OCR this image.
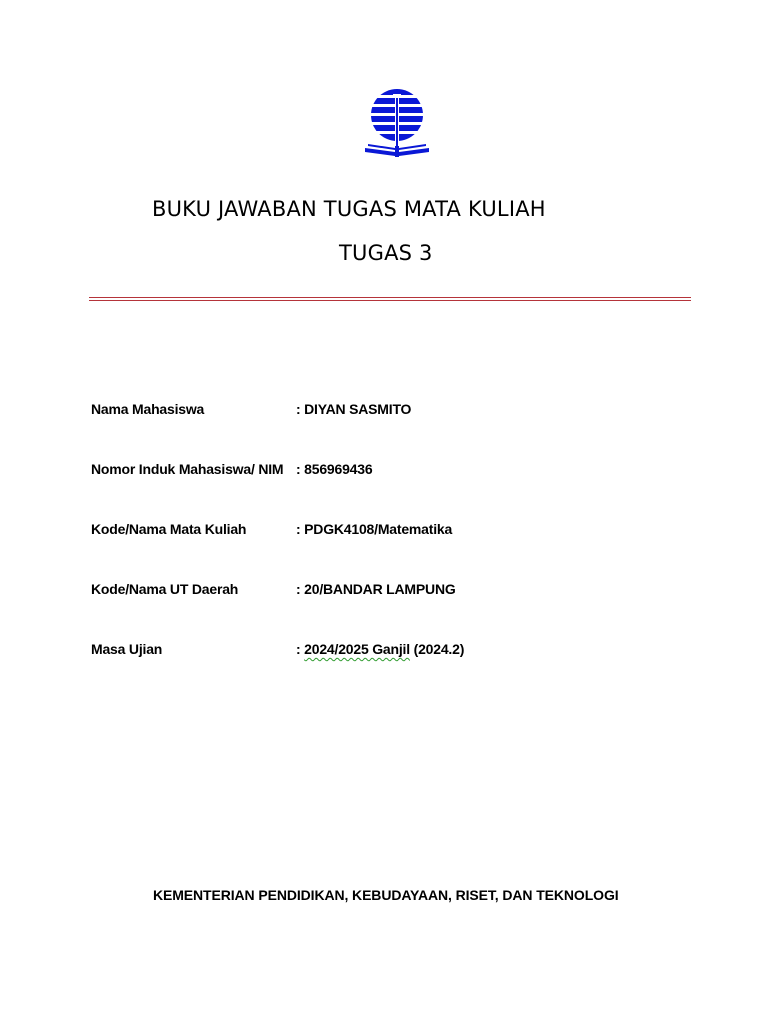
BUKU JAWABAN TUGAS MATA KULIAH
TUGAS 3
Nama Mahasiswa	: DIYAN SASMITO
Nomor Induk Mahasiswa/ NIM : 856969436
Kode/Nama Mata Kuliah	: PDGK4108/Matematika
Kode/Nama UT Daerah	: 20/BANDAR LAMPUNG
Masa Ujian	: 2024/2025 Ganjil (2024.2)
KEMENTERIAN PENDIDIKAN, KEBUDAYAAN, RISET, DAN TEKNOLOGI
